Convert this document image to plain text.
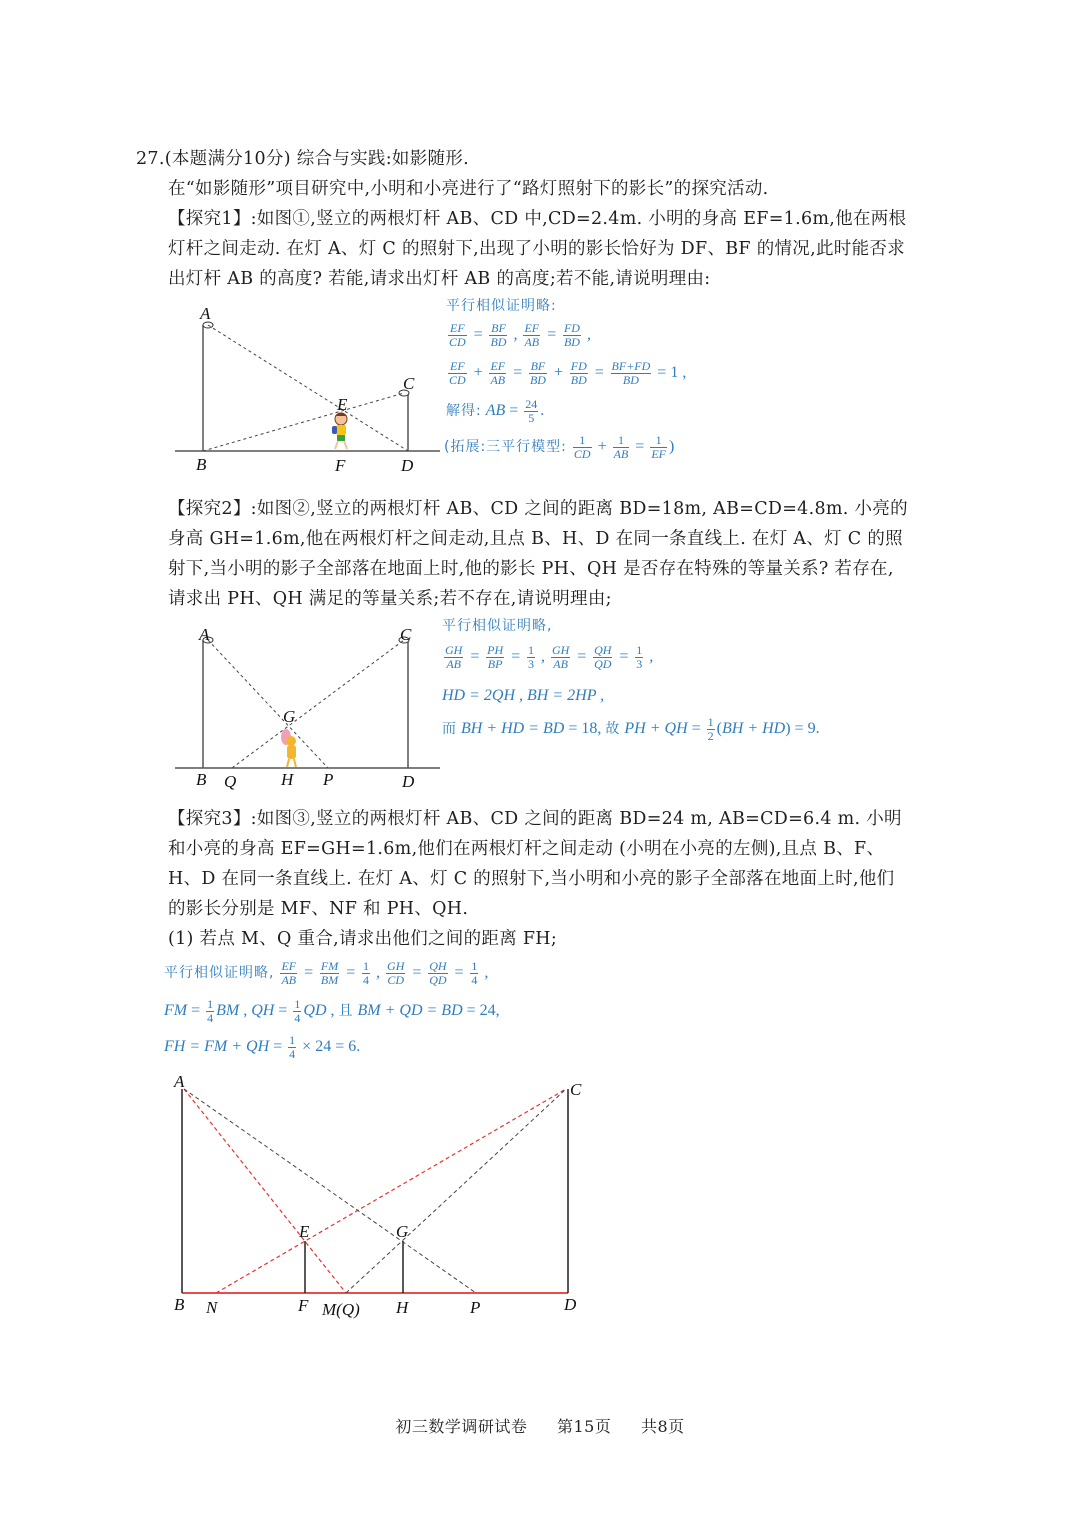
27.(本题满分10分) 综合与实践:如影随形.
在“如影随形”项目研究中,小明和小亮进行了“路灯照射下的影长”的探究活动.
【探究1】:如图①,竖立的两根灯杆 AB、CD 中,CD=2.4m. 小明的身高 EF=1.6m,他在两根
灯杆之间走动. 在灯 A、灯 C 的照射下,出现了小明的影长恰好为 DF、BF 的情况,此时能否求
出灯杆 AB 的高度? 若能,请求出灯杆 AB 的高度;若不能,请说明理由:
A
B
C
D
E
F
平行相似证明略:
$\frac{EF}{CD} = \frac{BF}{BD}$ , $\frac{EF}{AB} = \frac{FD}{BD}$ ,
$\frac{EF}{CD} + \frac{EF}{AB} = \frac{BF}{BD} + \frac{FD}{BD} = \frac{BF+FD}{BD} = 1$ ,
解得: AB = $\frac{24}{5}$ .
(拓展:三平行模型: $\frac{1}{CD} + \frac{1}{AB} = \frac{1}{EF}$ )
【探究2】:如图②,竖立的两根灯杆 AB、CD 之间的距离 BD=18m, AB=CD=4.8m. 小亮的
身高 GH=1.6m,他在两根灯杆之间走动,且点 B、H、D 在同一条直线上. 在灯 A、灯 C 的照
射下,当小明的影子全部落在地面上时,他的影长 PH、QH 是否存在特殊的等量关系? 若存在,
请求出 PH、QH 满足的等量关系;若不存在,请说明理由;
A
B
C
D
G
H P
Q
平行相似证明略,
$\frac{GH}{AB} = \frac{PH}{BP} = \frac{1}{3}$ , $\frac{GH}{AB} = \frac{QH}{QD} = \frac{1}{3}$ ,
HD = 2QH , BH = 2HP ,
而 BH + HD = BD = 18, 故 PH + QH = $\frac{1}{2} (BH + HD) = 9$.
【探究3】:如图③,竖立的两根灯杆 AB、CD 之间的距离 BD=24 m, AB=CD=6.4 m. 小明
和小亮的身高 EF=GH=1.6m,他们在两根灯杆之间走动 (小明在小亮的左侧),且点 B、F、
H、D 在同一条直线上. 在灯 A、灯 C 的照射下,当小明和小亮的影子全部落在地面上时,他们
的影长分别是 MF、NF 和 PH、QH.
(1) 若点 M、Q 重合,请求出他们之间的距离 FH;
平行相似证明略, $\frac{EF}{AB} = \frac{FM}{BM} = \frac{1}{4}$ , $\frac{GH}{CD} = \frac{QH}{QD} = \frac{1}{4}$ ,
FM = $\frac{1}{4}$ BM , QH = $\frac{1}{4}$ QD , 且 BM + QD = BD = 24,
FH = FM + QH = $\frac{1}{4} \times 24 = 6$.
A	C
B N	F M(Q) H	P	D
E	G
初三数学调研试卷 第15页 共8页
